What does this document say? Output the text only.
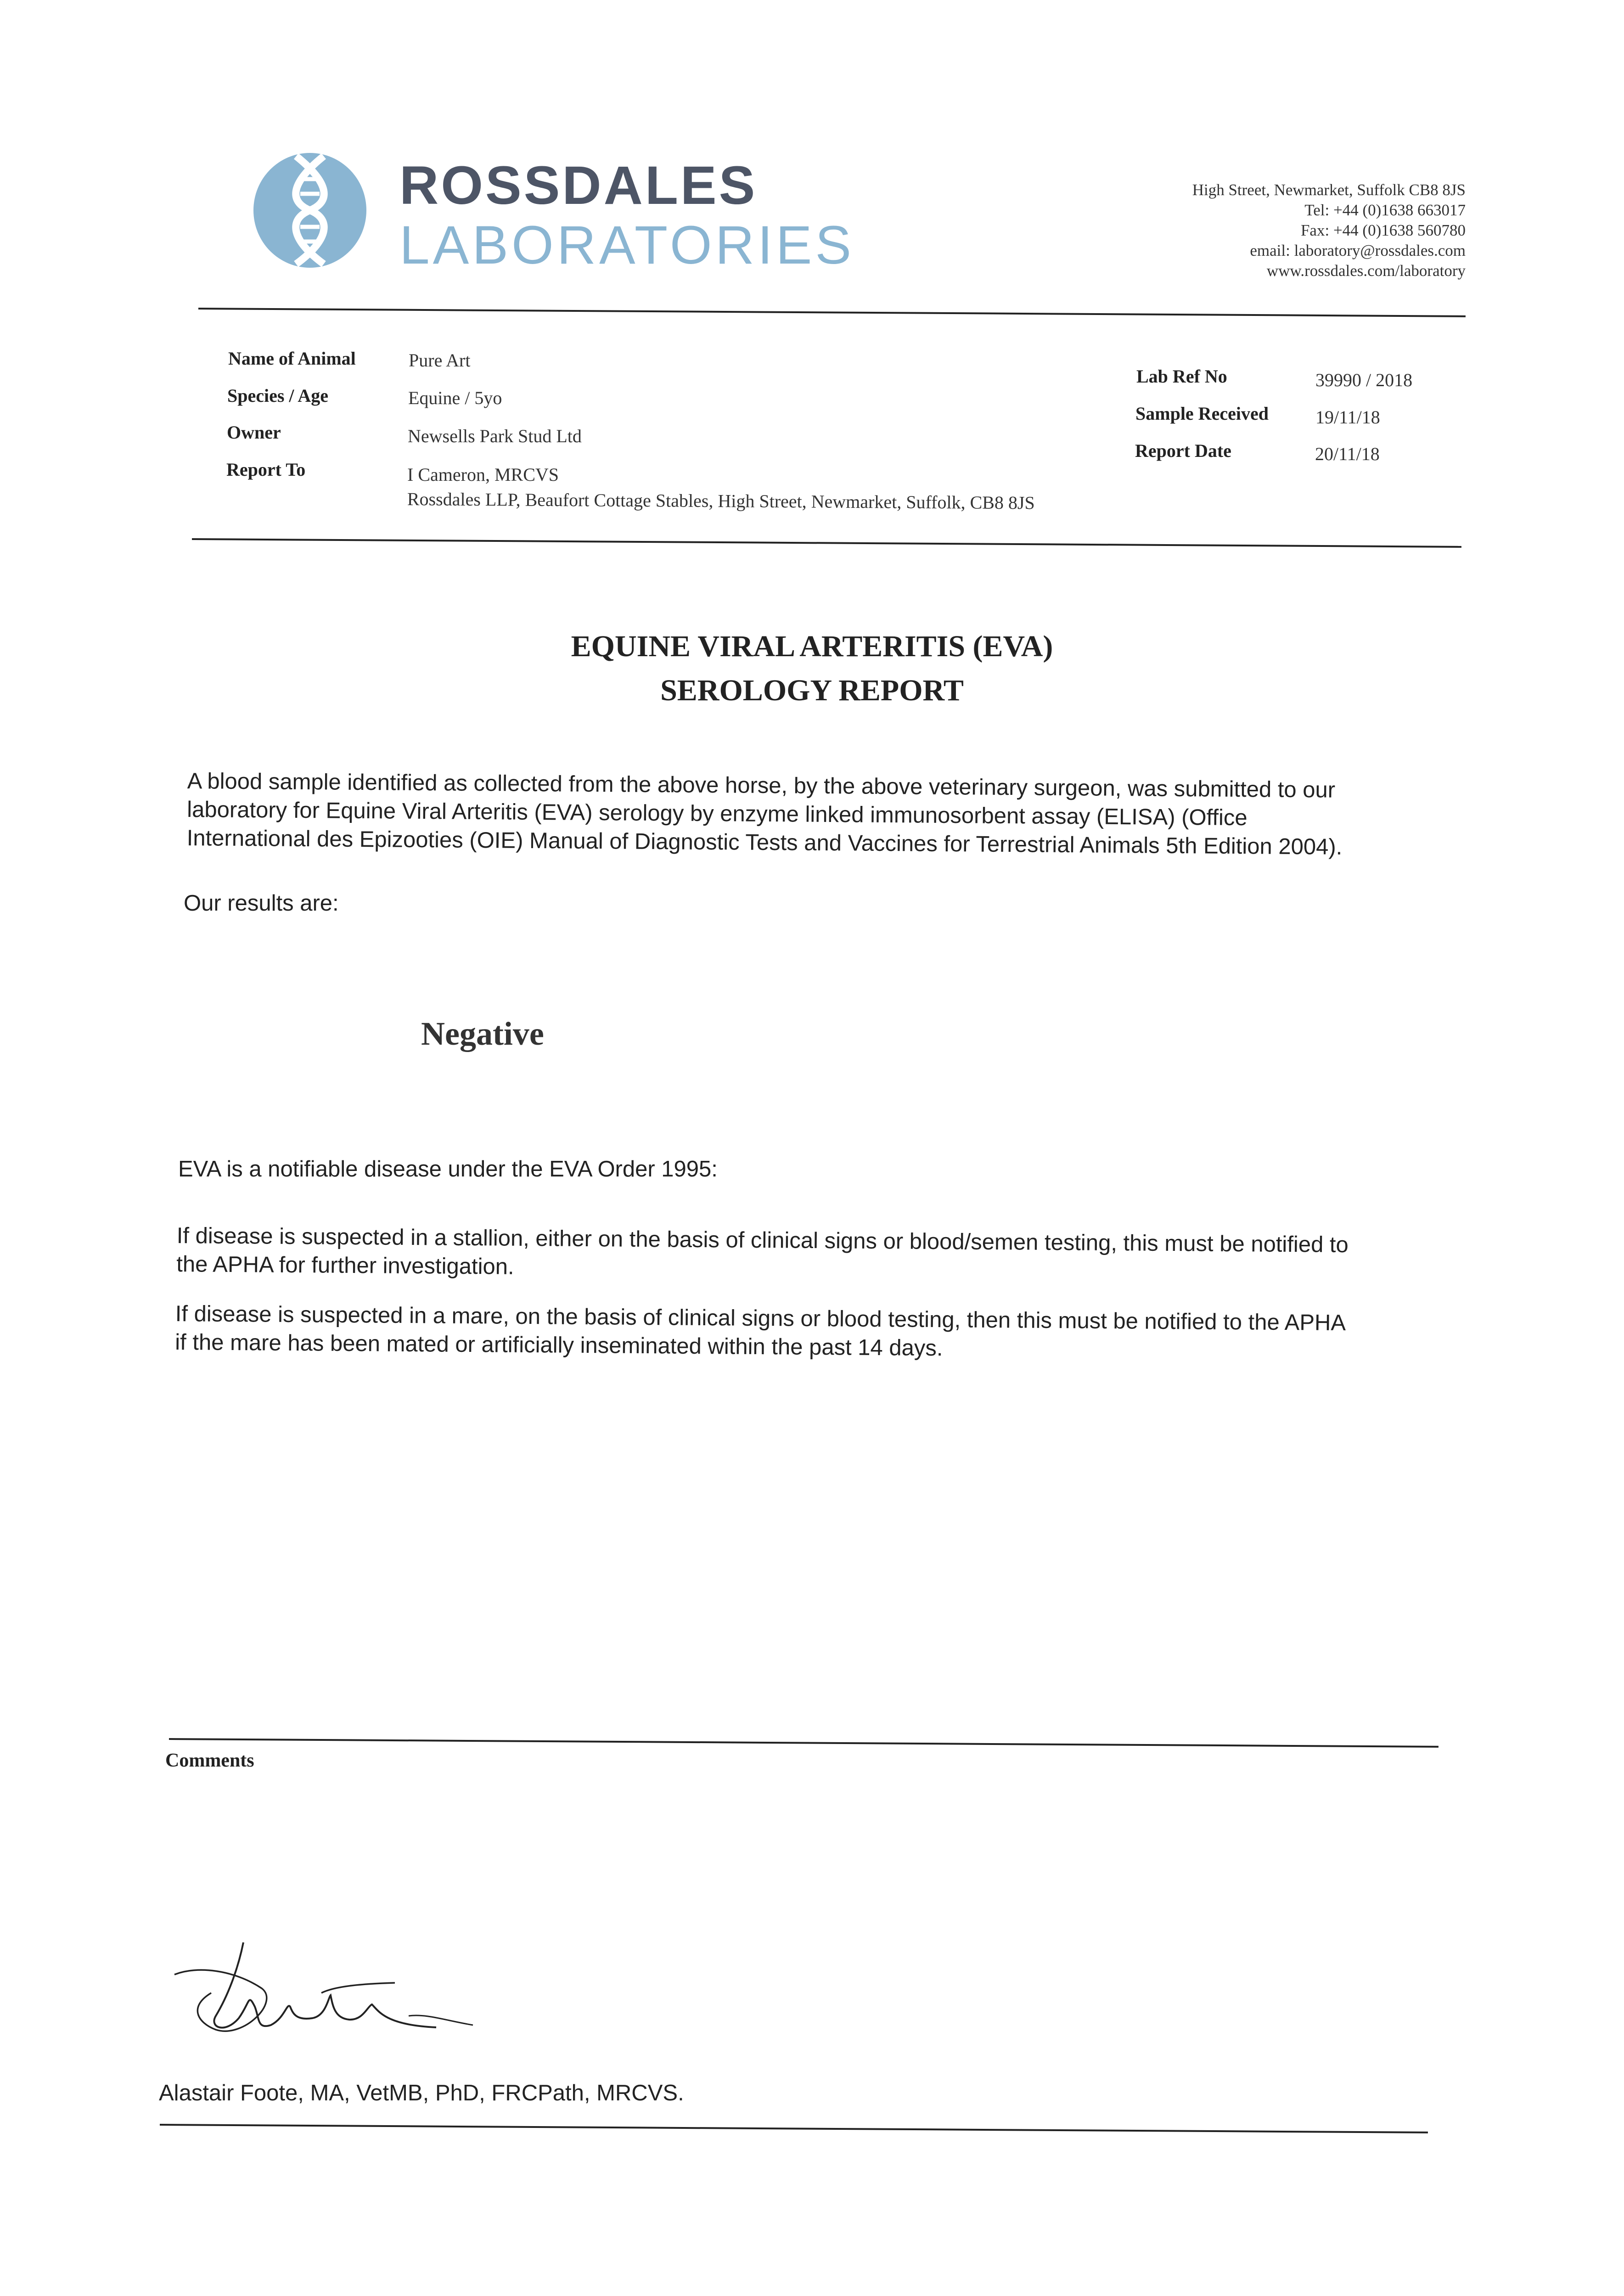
ROSSDALES
LABORATORIES
High Street, Newmarket, Suffolk CB8 8JS
Tel: +44 (0)1638 663017
Fax: +44 (0)1638 560780
email: laboratory@rossdales.com
www.rossdales.com/laboratory
Name of Animal	Pure Art
Species / Age	Equine / 5yo
Owner	Newsells Park Stud Ltd
Report To	I Cameron, MRCVS
Rossdales LLP, Beaufort Cottage Stables, High Street, Newmarket, Suffolk, CB8 8JS
Lab Ref No	39990 / 2018
Sample Received	19/11/18
Report Date	20/11/18
EQUINE VIRAL ARTERITIS (EVA)
SEROLOGY REPORT
A blood sample identified as collected from the above horse, by the above veterinary surgeon, was submitted to our
laboratory for Equine Viral Arteritis (EVA) serology by enzyme linked immunosorbent assay (ELISA) (Office
International des Epizooties (OIE) Manual of Diagnostic Tests and Vaccines for Terrestrial Animals 5th Edition 2004).
Our results are:
Negative
EVA is a notifiable disease under the EVA Order 1995:
If disease is suspected in a stallion, either on the basis of clinical signs or blood/semen testing, this must be notified to
the APHA for further investigation.
If disease is suspected in a mare, on the basis of clinical signs or blood testing, then this must be notified to the APHA
if the mare has been mated or artificially inseminated within the past 14 days.
Comments
Alastair Foote, MA, VetMB, PhD, FRCPath, MRCVS.
